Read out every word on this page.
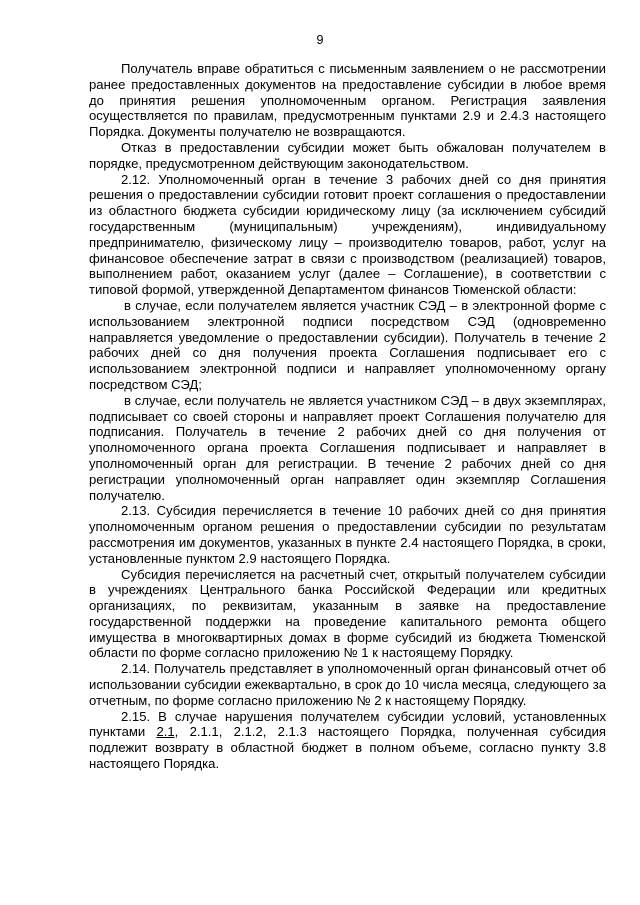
9

Получатель вправе обратиться с письменным заявлением о не рассмотрении ранее предоставленных документов на предоставление субсидии в любое время до принятия решения уполномоченным органом. Регистрация заявления осуществляется по правилам, предусмотренным пунктами 2.9 и 2.4.3 настоящего Порядка. Документы получателю не возвращаются.

Отказ в предоставлении субсидии может быть обжалован получателем в порядке, предусмотренном действующим законодательством.

2.12. Уполномоченный орган в течение 3 рабочих дней со дня принятия решения о предоставлении субсидии готовит проект соглашения о предоставлении из областного бюджета субсидии юридическому лицу (за исключением субсидий государственным (муниципальным) учреждениям), индивидуальному предпринимателю, физическому лицу – производителю товаров, работ, услуг на финансовое обеспечение затрат в связи с производством (реализацией) товаров, выполнением работ, оказанием услуг (далее – Соглашение), в соответствии с типовой формой, утвержденной Департаментом финансов Тюменской области:

в случае, если получателем является участник СЭД – в электронной форме с использованием электронной подписи посредством СЭД (одновременно направляется уведомление о предоставлении субсидии). Получатель в течение 2 рабочих дней со дня получения проекта Соглашения подписывает его с использованием электронной подписи и направляет уполномоченному органу посредством СЭД;

в случае, если получатель не является участником СЭД – в двух экземплярах, подписывает со своей стороны и направляет проект Соглашения получателю для подписания. Получатель в течение 2 рабочих дней со дня получения от уполномоченного органа проекта Соглашения подписывает и направляет в уполномоченный орган для регистрации. В течение 2 рабочих дней со дня регистрации уполномоченный орган направляет один экземпляр Соглашения получателю.

2.13. Субсидия перечисляется в течение 10 рабочих дней со дня принятия уполномоченным органом решения о предоставлении субсидии по результатам рассмотрения им документов, указанных в пункте 2.4 настоящего Порядка, в сроки, установленные пунктом 2.9 настоящего Порядка.

Субсидия перечисляется на расчетный счет, открытый получателем субсидии в учреждениях Центрального банка Российской Федерации или кредитных организациях, по реквизитам, указанным в заявке на предоставление государственной поддержки на проведение капитального ремонта общего имущества в многоквартирных домах в форме субсидий из бюджета Тюменской области по форме согласно приложению № 1 к настоящему Порядку.

2.14. Получатель представляет в уполномоченный орган финансовый отчет об использовании субсидии ежеквартально, в срок до 10 числа месяца, следующего за отчетным, по форме согласно приложению № 2 к настоящему Порядку.

2.15. В случае нарушения получателем субсидии условий, установленных пунктами 2.1, 2.1.1, 2.1.2, 2.1.3 настоящего Порядка, полученная субсидия подлежит возврату в областной бюджет в полном объеме, согласно пункту 3.8 настоящего Порядка.
